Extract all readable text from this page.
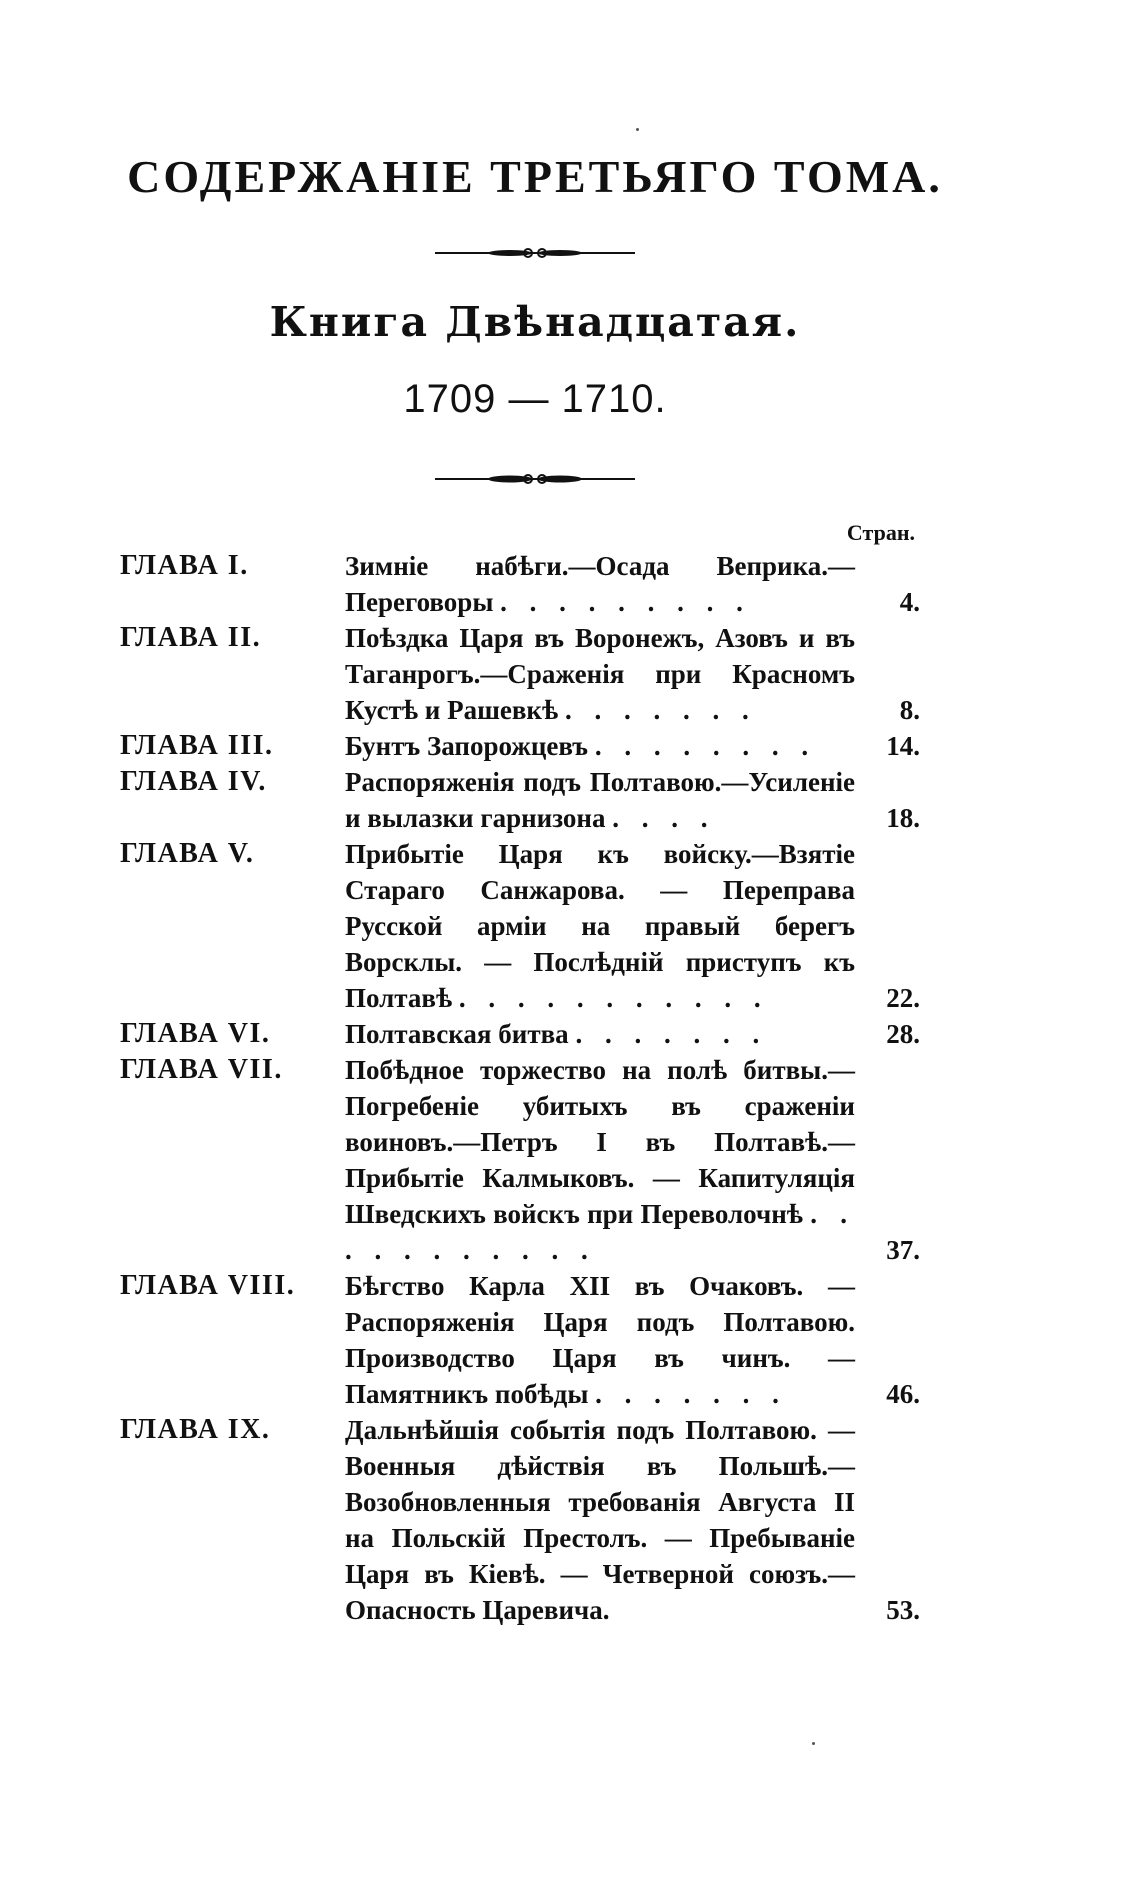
СОДЕРЖАНІЕ ТРЕТЬЯГО ТОМА.
Книга Двѣнадцатая.
1709 — 1710.
Стран.
ГЛАВА I.	Зимніе набѣги.—Осада Веприка.—Переговоры . . . . . . . . .	4.
ГЛАВА II.	Поѣздка Царя въ Воронежъ, Азовъ и въ Таганрогъ.—Сраженія при Красномъ Кустѣ и Рашевкѣ . . . . . . .	8.
ГЛАВА III.	Бунтъ Запорожцевъ . . . . . . . .	14.
ГЛАВА IV.	Распоряженія подъ Полтавою.—Усиленіе и вылазки гарнизона . . . .	18.
ГЛАВА V.	Прибытіе Царя къ войску.—Взятіе Стараго Санжарова. — Переправа Русской арміи на правый берегъ Ворсклы. — Послѣдній приступъ къ Полтавѣ . . . . . . . . . . .	22.
ГЛАВА VI.	Полтавская битва . . . . . . .	28.
ГЛАВА VII.	Побѣдное торжество на полѣ битвы.—Погребеніе убитыхъ въ сраженіи воиновъ.—Петръ I въ Полтавѣ.—Прибытіе Калмыковъ. — Капитуляція Шведскихъ войскъ при Переволочнѣ . . . . . . . . . . .	37.
ГЛАВА VIII.	Бѣгство Карла XII въ Очаковъ. — Распоряженія Царя подъ Полтавою. Производство Царя въ чинъ. — Памятникъ побѣды . . . . . . .	46.
ГЛАВА IX.	Дальнѣйшія событія подъ Полтавою. — Военныя дѣйствія въ Польшѣ.—Возобновленныя требованія Августа II на Польскій Престолъ. — Пребываніе Царя въ Кіевѣ. — Четверной союзъ.—Опасность Царевича.	53.
